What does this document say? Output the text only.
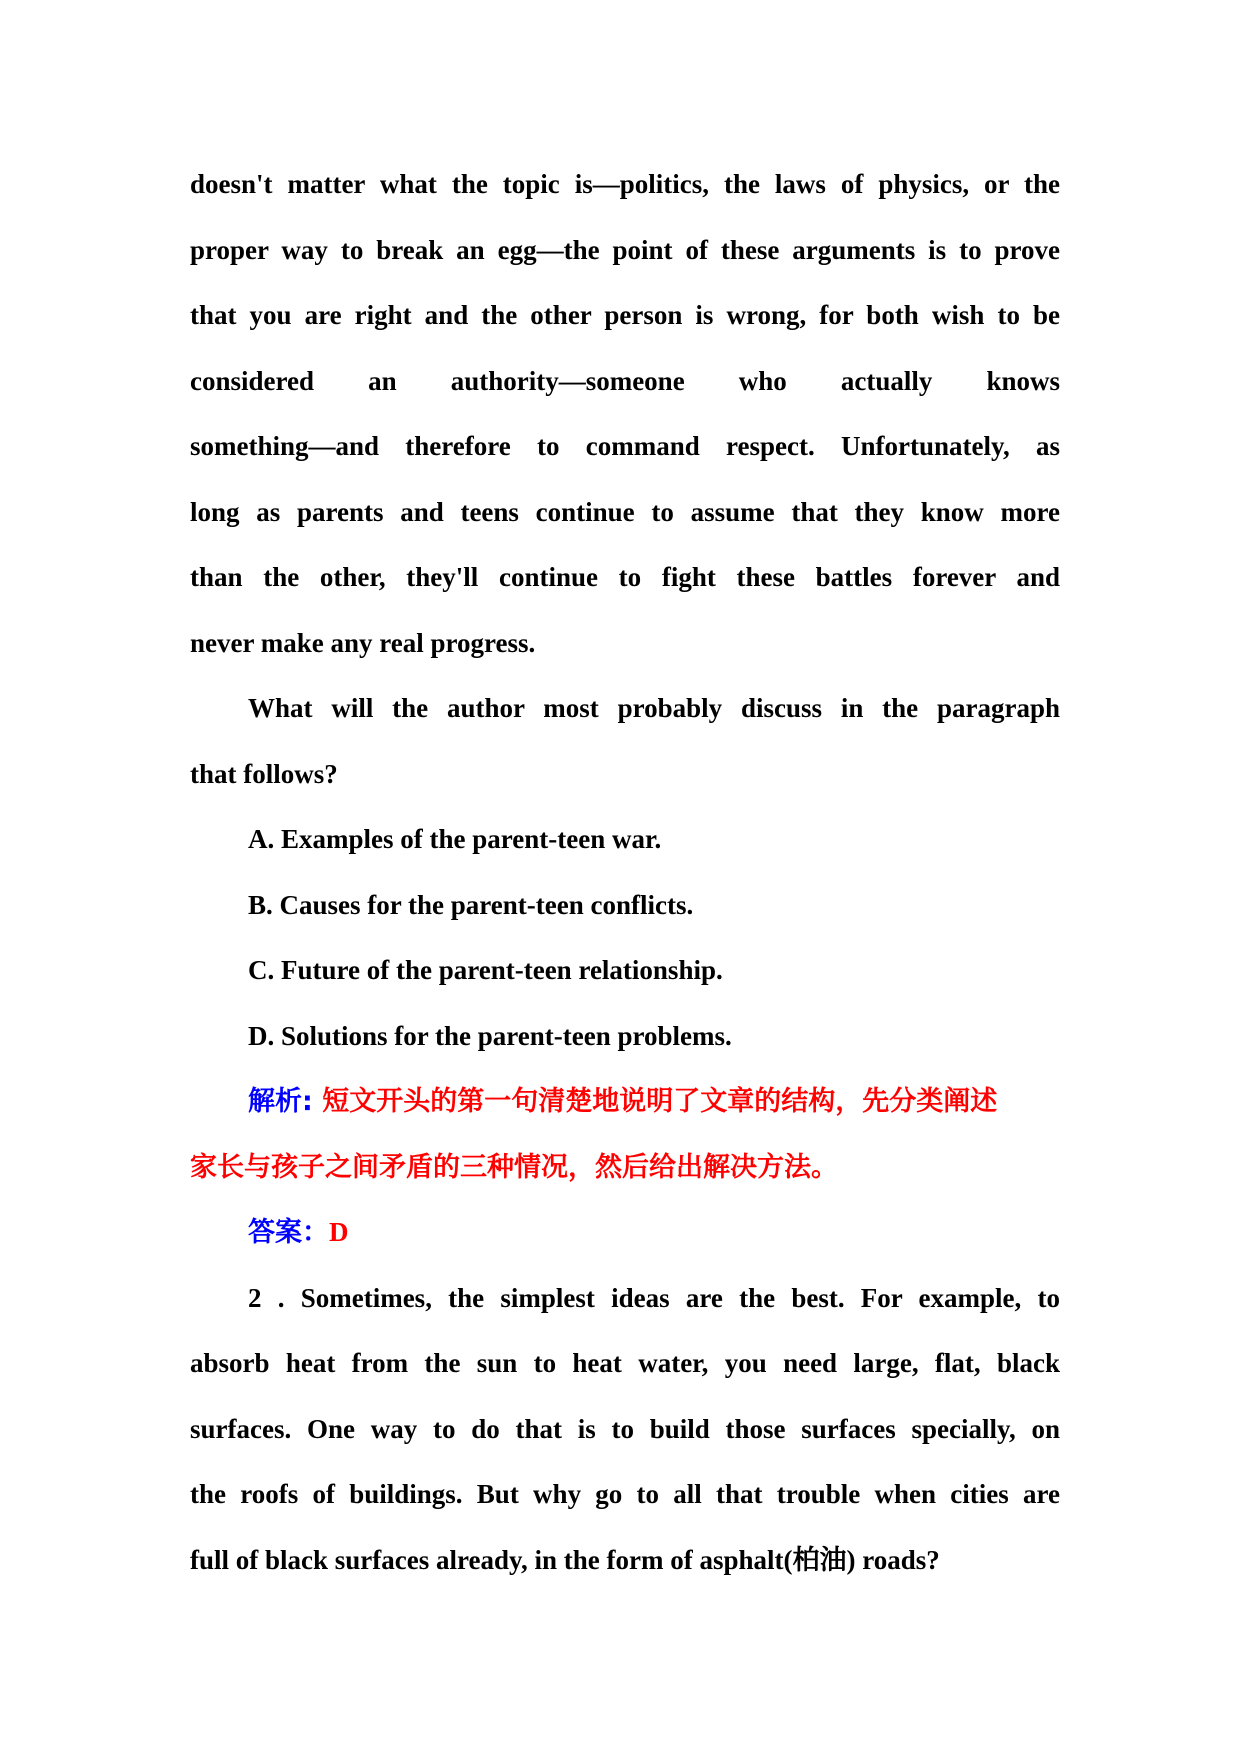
doesn't matter what the topic is—politics, the laws of physics, or the
proper way to break an egg—the point of these arguments is to prove
that you are right and the other person is wrong, for both wish to be
considered an authority—someone who actually knows
something—and therefore to command respect. Unfortunately, as
long as parents and teens continue to assume that they know more
than the other, they'll continue to fight these battles forever and
never make any real progress.
What will the author most probably discuss in the paragraph
that follows?
A. Examples of the parent‑teen war.
B. Causes for the parent-teen conflicts.
C. Future of the parent‑teen relationship.
D. Solutions for the parent‑teen problems.
解析: 短文开头的第一句清楚地说明了文章的结构，先分类阐述
家长与孩子之间矛盾的三种情况，然后给出解决方法。
答案：D
2 . Sometimes, the simplest ideas are the best. For example, to
absorb heat from the sun to heat water, you need large, flat, black
surfaces. One way to do that is to build those surfaces specially, on
the roofs of buildings. But why go to all that trouble when cities are
full of black surfaces already, in the form of asphalt(柏油) roads?
